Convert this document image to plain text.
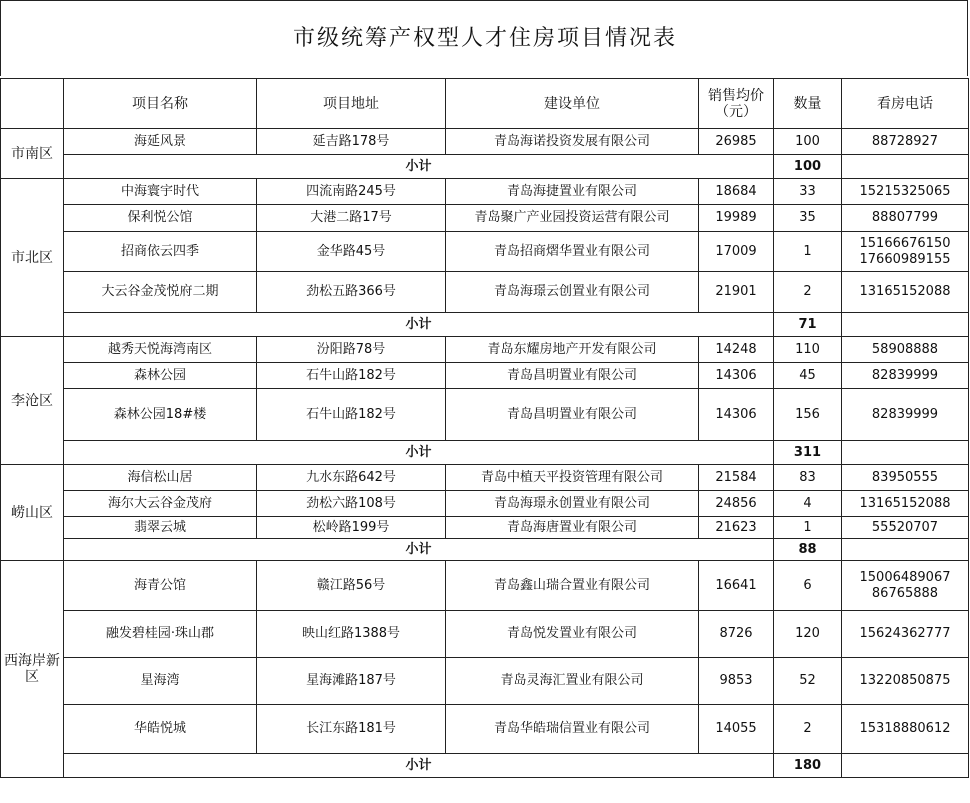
市级统筹产权型人才住房项目情况表
	项目名称	项目地址	建设单位	销售均价（元）	数量	看房电话
市南区	海延风景	延吉路178号	青岛海诺投资发展有限公司	26985	100	88728927
	小计				100	
市北区	中海寰宇时代	四流南路245号	青岛海捷置业有限公司	18684	33	15215325065
	保利悦公馆	大港二路17号	青岛聚广产业园投资运营有限公司	19989	35	88807799
	招商依云四季	金华路45号	青岛招商熠华置业有限公司	17009	1	15166676150
17660989155

	大云谷金茂悦府二期	劲松五路366号	青岛海璟云创置业有限公司	21901	2	13165152088
	小计				71	
李沧区	越秀天悦海湾南区	汾阳路78号	青岛东耀房地产开发有限公司	14248	110	58908888
	森林公园	石牛山路182号	青岛昌明置业有限公司	14306	45	82839999
	森林公园18#楼	石牛山路182号	青岛昌明置业有限公司	14306	156	82839999
	小计				311	
崂山区	海信松山居	九水东路642号	青岛中植天平投资管理有限公司	21584	83	83950555
	海尔大云谷金茂府	劲松六路108号	青岛海璟永创置业有限公司	24856	4	13165152088
	翡翠云城	松岭路199号	青岛海唐置业有限公司	21623	1	55520707
	小计				88	
西海岸新区	海青公馆	赣江路56号	青岛鑫山瑞合置业有限公司	16641	6	15006489067
86765888

	融发碧桂园·珠山郡	映山红路1388号	青岛悦发置业有限公司	8726	120	15624362777
	星海湾	星海滩路187号	青岛灵海汇置业有限公司	9853	52	13220850875
	华皓悦城	长江东路181号	青岛华皓瑞信置业有限公司	14055	2	15318880612
	小计				180	
